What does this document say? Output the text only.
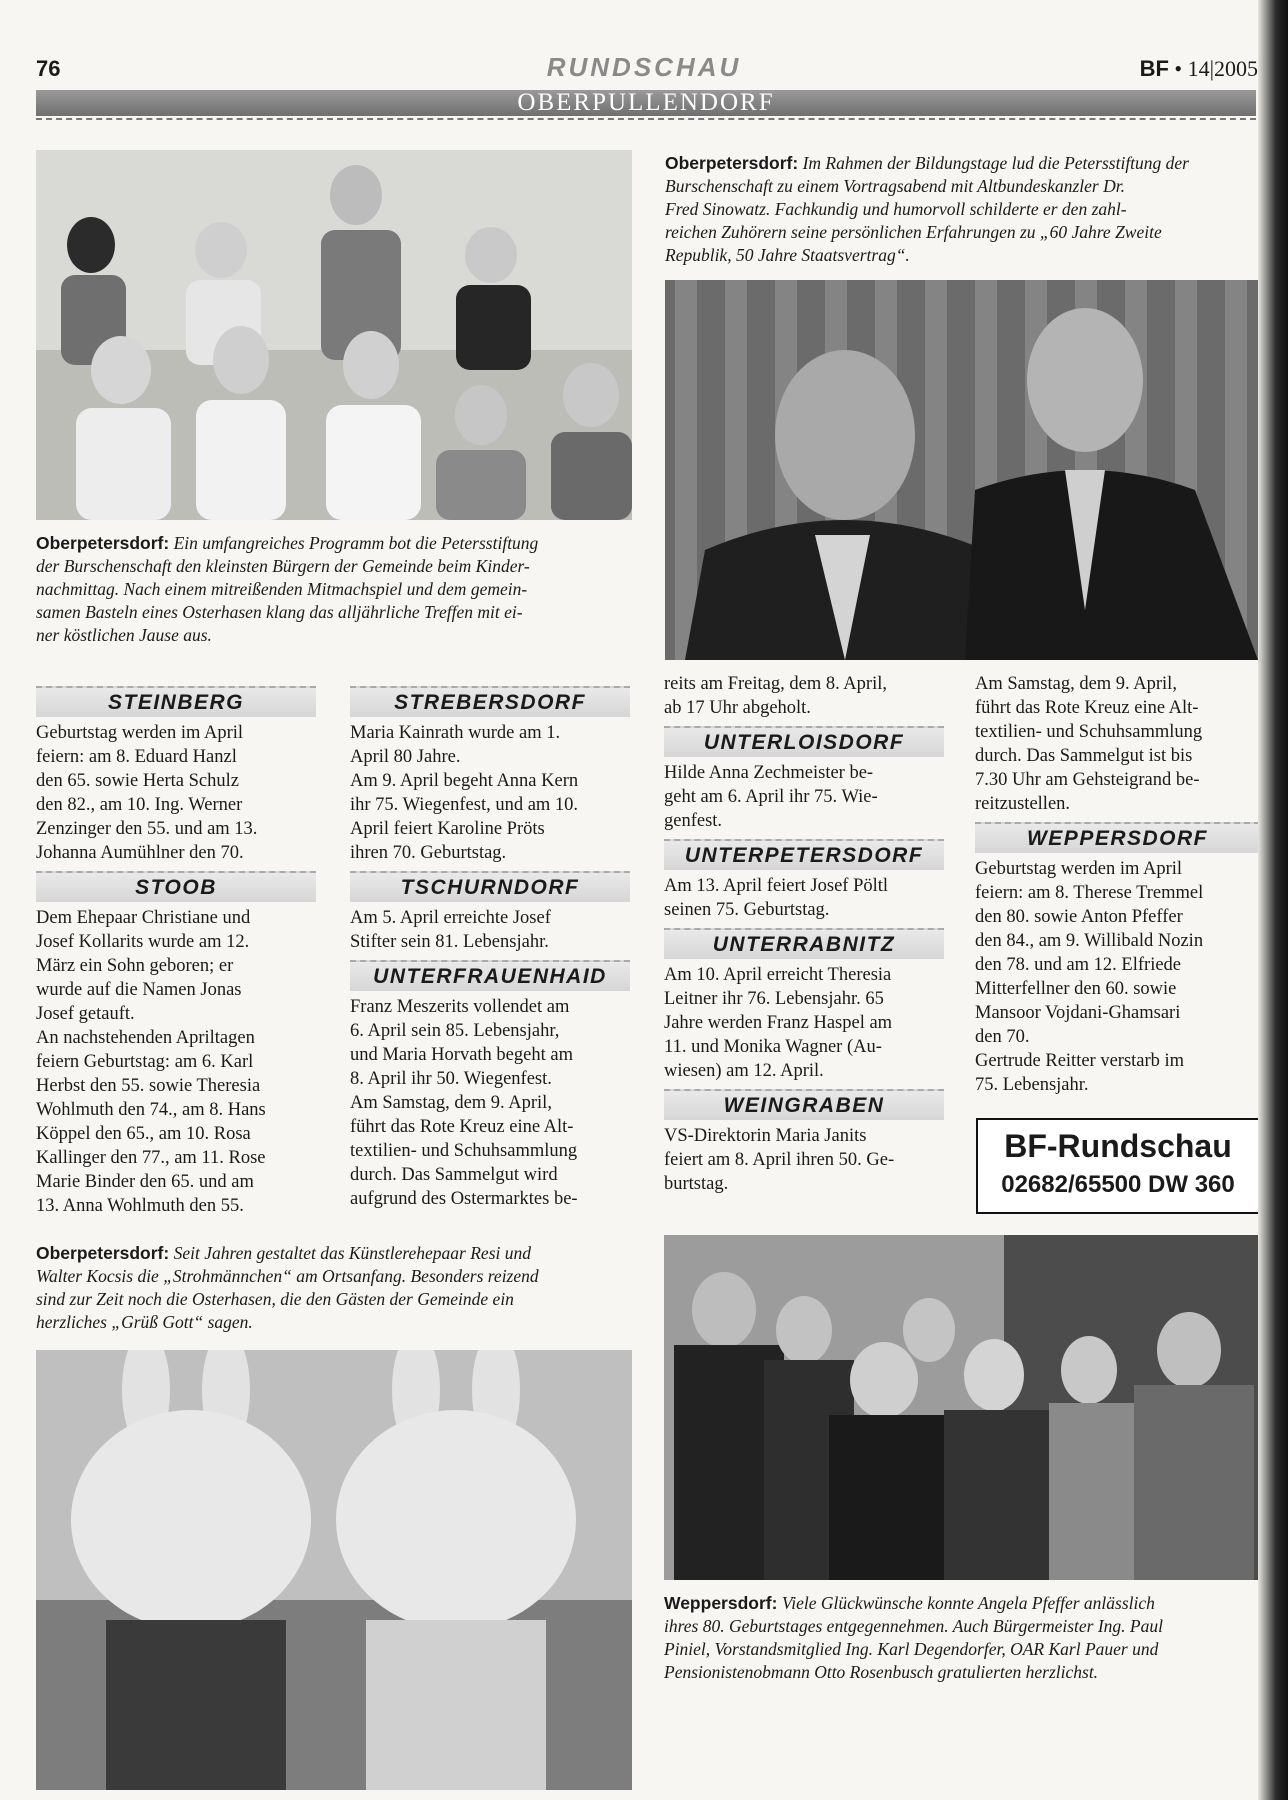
76	RUNDSCHAU	BF • 14|2005
OBERPULLENDORF
Oberpetersdorf: Im Rahmen der Bildungstage lud die Petersstiftung der
Burschenschaft zu einem Vortragsabend mit Altbundeskanzler Dr.
Fred Sinowatz. Fachkundig und humorvoll schilderte er den zahl-
reichen Zuhörern seine persönlichen Erfahrungen zu „60 Jahre Zweite
Republik, 50 Jahre Staatsvertrag“.
Oberpetersdorf: Ein umfangreiches Programm bot die Petersstiftung
der Burschenschaft den kleinsten Bürgern der Gemeinde beim Kinder-
nachmittag. Nach einem mitreißenden Mitmachspiel und dem gemein-
samen Basteln eines Osterhasen klang das alljährliche Treffen mit ei-
ner köstlichen Jause aus.
STEINBERG
Geburtstag werden im April
feiern: am 8. Eduard Hanzl
den 65. sowie Herta Schulz
den 82., am 10. Ing. Werner
Zenzinger den 55. und am 13.
Johanna Aumühlner den 70.
STOOB
Dem Ehepaar Christiane und
Josef Kollarits wurde am 12.
März ein Sohn geboren; er
wurde auf die Namen Jonas
Josef getauft.
An nachstehenden Apriltagen
feiern Geburtstag: am 6. Karl
Herbst den 55. sowie Theresia
Wohlmuth den 74., am 8. Hans
Köppel den 65., am 10. Rosa
Kallinger den 77., am 11. Rose
Marie Binder den 65. und am
13. Anna Wohlmuth den 55.
STREBERSDORF
Maria Kainrath wurde am 1.
April 80 Jahre.
Am 9. April begeht Anna Kern
ihr 75. Wiegenfest, und am 10.
April feiert Karoline Pröts
ihren 70. Geburtstag.
TSCHURNDORF
Am 5. April erreichte Josef
Stifter sein 81. Lebensjahr.
UNTERFRAUENHAID
Franz Meszerits vollendet am
6. April sein 85. Lebensjahr,
und Maria Horvath begeht am
8. April ihr 50. Wiegenfest.
Am Samstag, dem 9. April,
führt das Rote Kreuz eine Alt-
textilien- und Schuhsammlung
durch. Das Sammelgut wird
aufgrund des Ostermarktes be-
reits am Freitag, dem 8. April,
ab 17 Uhr abgeholt.
UNTERLOISDORF
Hilde Anna Zechmeister be-
geht am 6. April ihr 75. Wie-
genfest.
UNTERPETERSDORF
Am 13. April feiert Josef Pöltl
seinen 75. Geburtstag.
UNTERRABNITZ
Am 10. April erreicht Theresia
Leitner ihr 76. Lebensjahr. 65
Jahre werden Franz Haspel am
11. und Monika Wagner (Au-
wiesen) am 12. April.
WEINGRABEN
VS-Direktorin Maria Janits
feiert am 8. April ihren 50. Ge-
burtstag.
Am Samstag, dem 9. April,
führt das Rote Kreuz eine Alt-
textilien- und Schuhsammlung
durch. Das Sammelgut ist bis
7.30 Uhr am Gehsteigrand be-
reitzustellen.
WEPPERSDORF
Geburtstag werden im April
feiern: am 8. Therese Tremmel
den 80. sowie Anton Pfeffer
den 84., am 9. Willibald Nozin
den 78. und am 12. Elfriede
Mitterfellner den 60. sowie
Mansoor Vojdani-Ghamsari
den 70.
Gertrude Reitter verstarb im
75. Lebensjahr.
BF-Rundschau
02682/65500 DW 360
Oberpetersdorf: Seit Jahren gestaltet das Künstlerehepaar Resi und
Walter Kocsis die „Strohmännchen“ am Ortsanfang. Besonders reizend
sind zur Zeit noch die Osterhasen, die den Gästen der Gemeinde ein
herzliches „Grüß Gott“ sagen.
Weppersdorf: Viele Glückwünsche konnte Angela Pfeffer anlässlich
ihres 80. Geburtstages entgegennehmen. Auch Bürgermeister Ing. Paul
Piniel, Vorstandsmitglied Ing. Karl Degendorfer, OAR Karl Pauer und
Pensionistenobmann Otto Rosenbusch gratulierten herzlichst.
